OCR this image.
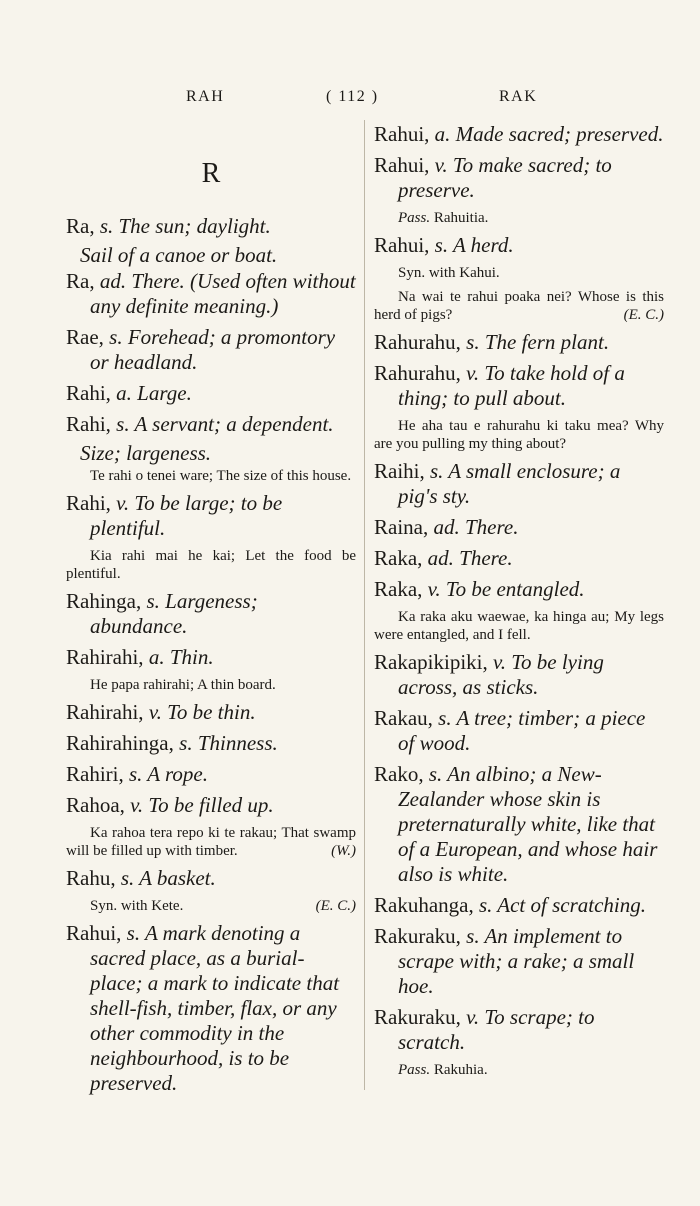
RAH	( 112 )	RAK
R
Ra, s. The sun; daylight.
Sail of a canoe or boat.
Ra, ad. There. (Used often without any definite meaning.)
Rae, s. Forehead; a promontory or headland.
Rahi, a. Large.
Rahi, s. A servant; a dependent.
Size; largeness.
Te rahi o tenei ware; The size of this house.
Rahi, v. To be large; to be plentiful.
Kia rahi mai he kai; Let the food be plentiful.
Rahinga, s. Largeness; abundance.
Rahirahi, a. Thin.
He papa rahirahi; A thin board.
Rahirahi, v. To be thin.
Rahirahinga, s. Thinness.
Rahiri, s. A rope.
Rahoa, v. To be filled up.
Ka rahoa tera repo ki te rakau; That swamp will be filled up with timber.	(W.)
Rahu, s. A basket.
Syn. with Kete.	(E. C.)
Rahui, s. A mark denoting a sacred place, as a burial-place; a mark to indicate that shell-fish, timber, flax, or any other commodity in the neighbourhood, is to be preserved.
Rahui, a. Made sacred; preserved.
Rahui, v. To make sacred; to preserve.
Pass. Rahuitia.
Rahui, s. A herd.
Syn. with Kahui.
Na wai te rahui poaka nei? Whose is this herd of pigs?	(E. C.)
Rahurahu, s. The fern plant.
Rahurahu, v. To take hold of a thing; to pull about.
He aha tau e rahurahu ki taku mea? Why are you pulling my thing about?
Raihi, s. A small enclosure; a pig's sty.
Raina, ad. There.
Raka, ad. There.
Raka, v. To be entangled.
Ka raka aku waewae, ka hinga au; My legs were entangled, and I fell.
Rakapikipiki, v. To be lying across, as sticks.
Rakau, s. A tree; timber; a piece of wood.
Rako, s. An albino; a New-Zealander whose skin is preternaturally white, like that of a European, and whose hair also is white.
Rakuhanga, s. Act of scratching.
Rakuraku, s. An implement to scrape with; a rake; a small hoe.
Rakuraku, v. To scrape; to scratch.
Pass. Rakuhia.
